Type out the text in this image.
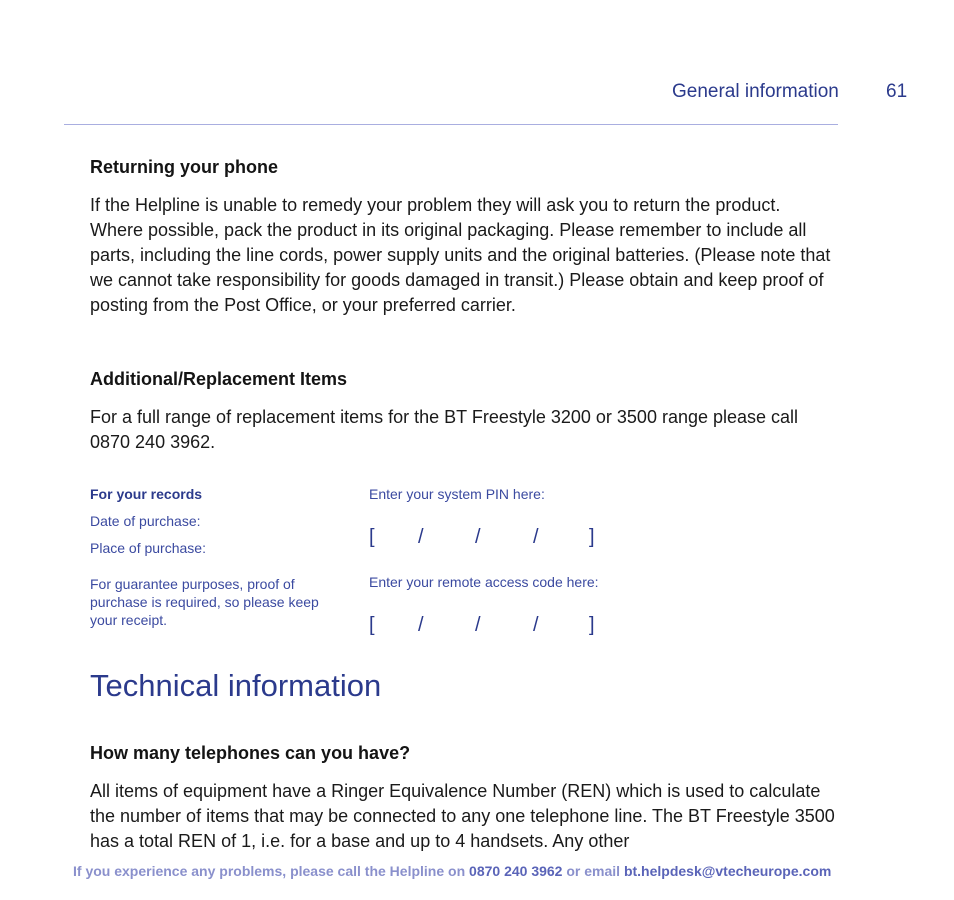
General information 61
Returning your phone
If the Helpline is unable to remedy your problem they will ask you to return the product. Where possible, pack the product in its original packaging. Please remember to include all parts, including the line cords, power supply units and the original batteries. (Please note that we cannot take responsibility for goods damaged in transit.) Please obtain and keep proof of posting from the Post Office, or your preferred carrier.
Additional/Replacement Items
For a full range of replacement items for the BT Freestyle 3200 or 3500 range please call 0870 240 3962.
For your records
Date of purchase:
Place of purchase:
For guarantee purposes, proof of purchase is required, so please keep your receipt.
Enter your system PIN here:
[ /	/	/	]
Enter your remote access code here:
[ /	/	/	]
Technical information
How many telephones can you have?
All items of equipment have a Ringer Equivalence Number (REN) which is used to calculate the number of items that may be connected to any one telephone line. The BT Freestyle 3500 has a total REN of 1, i.e. for a base and up to 4 handsets. Any other
If you experience any problems, please call the Helpline on 0870 240 3962 or email bt.helpdesk@vtecheurope.com
